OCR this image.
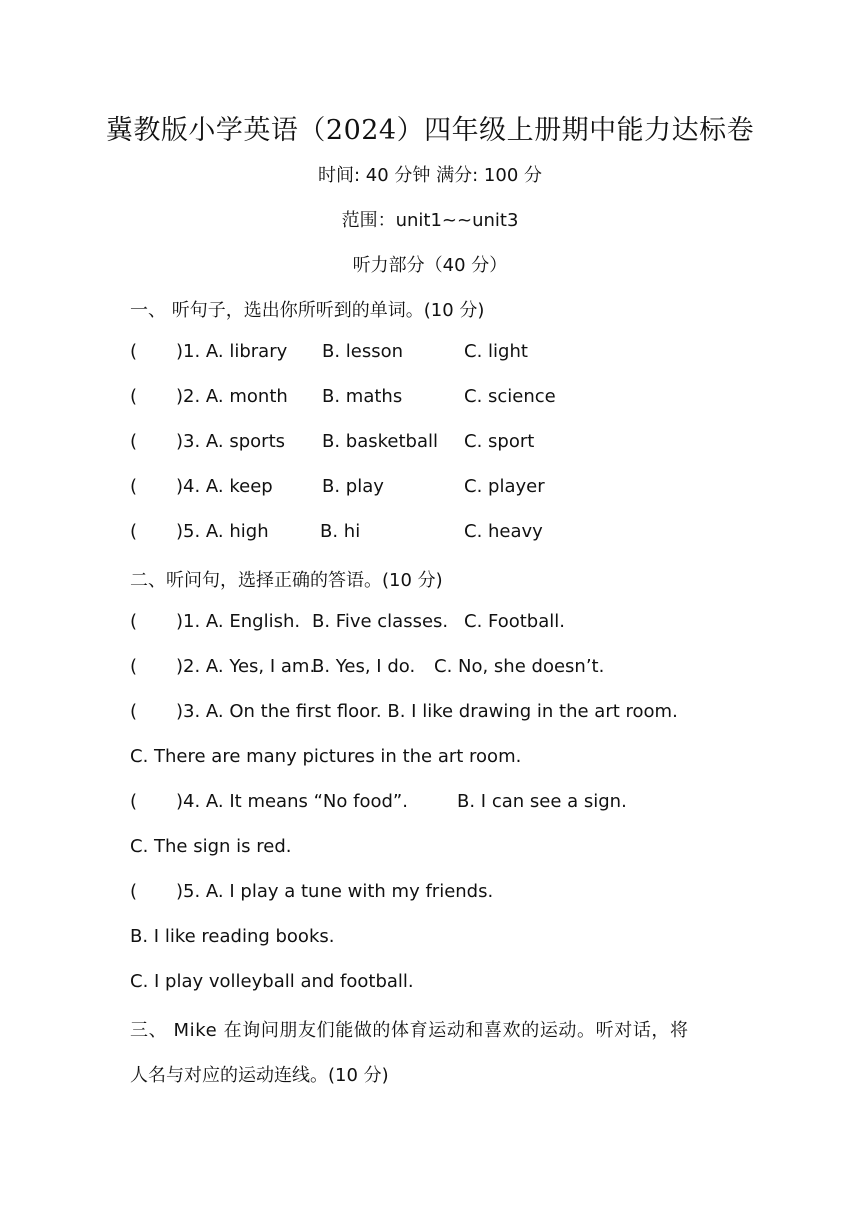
冀教版小学英语（2024）四年级上册期中能力达标卷
时间: 40 分钟 满分: 100 分
范围：unit1~~unit3
听力部分（40 分）
一、 听句子，选出你所听到的单词。(10 分)
( )1. A. library B. lesson	C. light
( )2. A. month B. maths	C. science
( )3. A. sports B. basketball C. sport
( )4. A. keep	B. play	C. player
( )5. A. high	B. hi	C. heavy
二、听问句，选择正确的答语。(10 分)
( )1. A. English. B. Five classes. C. Football.
( )2. A. Yes, I am.
B. Yes, I do. C. No, she doesn’t.
( )3. A. On the first floor. B. I like drawing in the art room.
C. There are many pictures in the art room.
( )4. A. It means “No food”.	B. I can see a sign.
C. The sign is red.
( )5. A. I play a tune with my friends.
B. I like reading books.
C. I play volleyball and football.
三、 Mike 在询问朋友们能做的体育运动和喜欢的运动。听对话，将
人名与对应的运动连线。(10 分)
